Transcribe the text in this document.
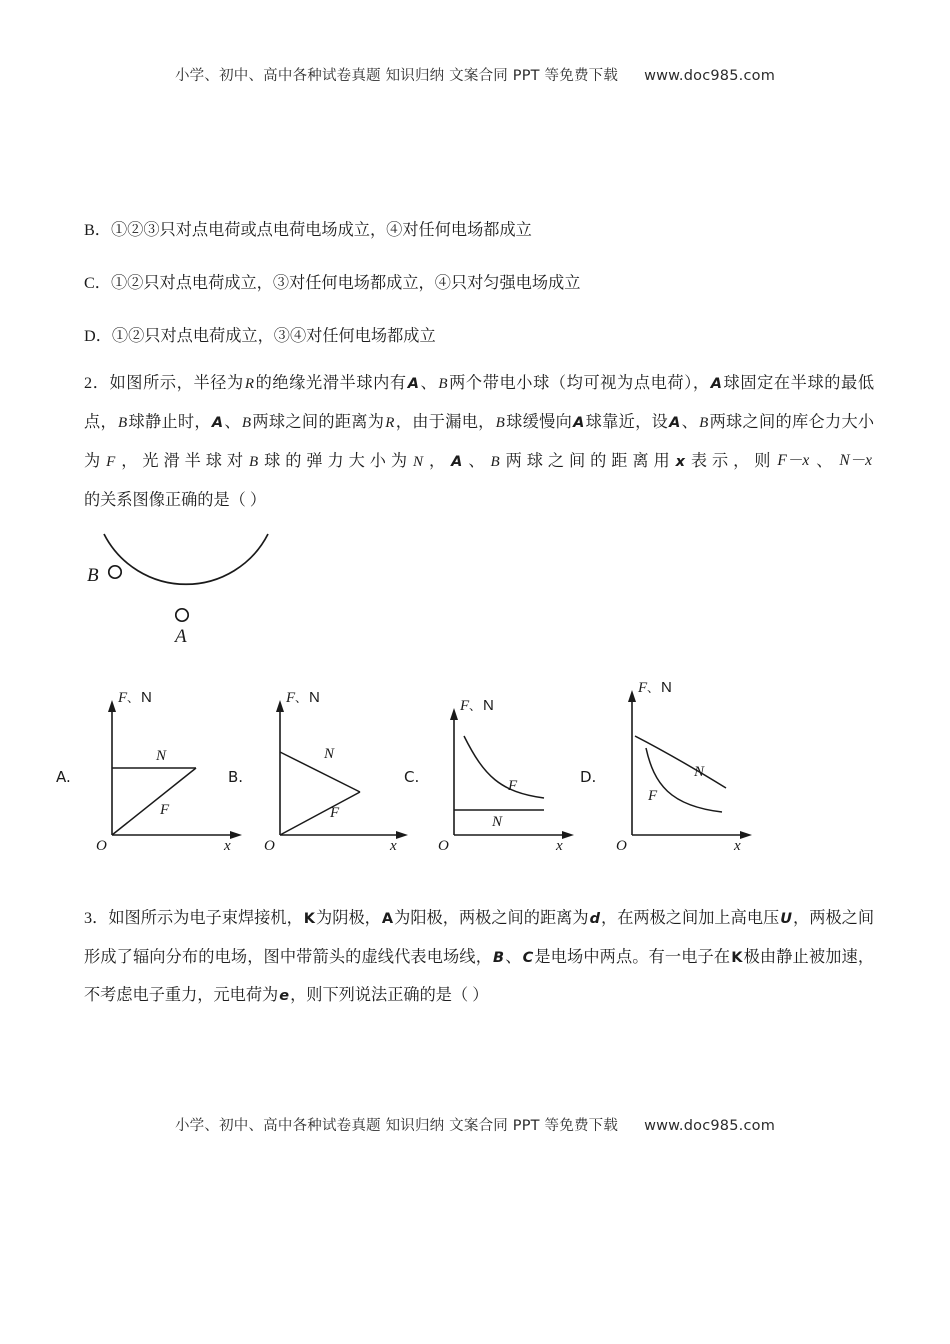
小学、初中、高中各种试卷真题 知识归纳 文案合同 PPT 等免费下载 www.doc985.com
B．①②③只对点电荷或点电荷电场成立，④对任何电场都成立
C．①②只对点电荷成立，③对任何电场都成立，④只对匀强电场成立
D．①②只对点电荷成立，③④对任何电场都成立
2．如图所示，半径为R的绝缘光滑半球内有A、B两个带电小球（均可视为点电荷），A球固定在半球的最低点，B球静止时，A、B两球之间的距离为R，由于漏电，B球缓慢向A球靠近，设A、B两球之间的库仑力大小为F，光滑半球对B球的弹力大小为N，A、B两球之间的距离用x表示，则 F－x 、 N－x的关系图像正确的是（ ）
B
A
A.
F 、 N
x
O
N
F
B.
F 、 N
x
O
N
F
C.
F 、 N
x
O
F
N
D.
F 、 N
x
O
N
F
3．如图所示为电子束焊接机，K为阴极，A为阳极，两极之间的距离为d，在两极之间加上高电压U，两极之间形成了辐向分布的电场，图中带箭头的虚线代表电场线，B、C是电场中两点。有一电子在K极由静止被加速，不考虑电子重力，元电荷为e，则下列说法正确的是（ ）
小学、初中、高中各种试卷真题 知识归纳 文案合同 PPT 等免费下载 www.doc985.com
